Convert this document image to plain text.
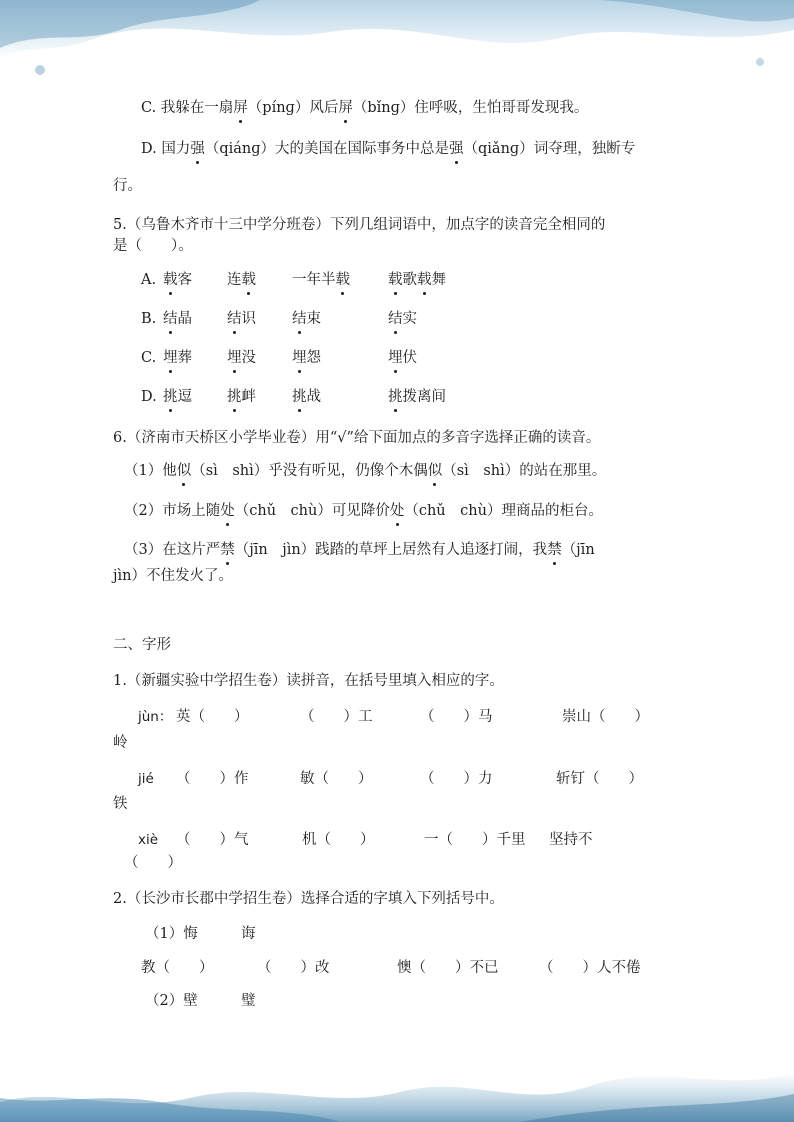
C. 我躲在一扇屏（pínɡ）风后屏（bǐnɡ）住呼吸，生怕哥哥发现我。
D. 国力强（qiánɡ）大的美国在国际事务中总是强（qiǎnɡ）词夺理，独断专
行。
5.（乌鲁木齐市十三中学分班卷）下列几组词语中，加点字的读音完全相同的
是（　　）。
A. 载客 连载 一年半载	载歌载舞
B. 结晶 结识 结束	结实
C. 埋葬 埋没 埋怨	埋伏
D. 挑逗 挑衅 挑战	挑拨离间
6.（济南市天桥区小学毕业卷）用“√”给下面加点的多音字选择正确的读音。
（1）他似（sì　shì）乎没有听见，仍像个木偶似（sì　shì）的站在那里。
（2）市场上随处（chǔ　chù）可见降价处（chǔ　chù）理商品的柜台。
（3）在这片严禁（jīn　jìn）践踏的草坪上居然有人追逐打闹，我禁（jīn
jìn）不住发火了。
二、字形
1.（新疆实验中学招生卷）读拼音，在括号里填入相应的字。
jùn： 英（　　）	（　　）工	（　　）马	崇山（　　）
岭
jié （　　）作	敏（　　）	（　　）力	斩钉（　　）
铁
xiè （　　）气	机（　　）	一（　　）千里 坚持不
（　　）
2.（长沙市长郡中学招生卷）选择合适的字填入下列括号中。
（1）悔	诲
教（　　）	（　　）改	懊（　　）不已	（　　）人不倦
（2）壁	璧
